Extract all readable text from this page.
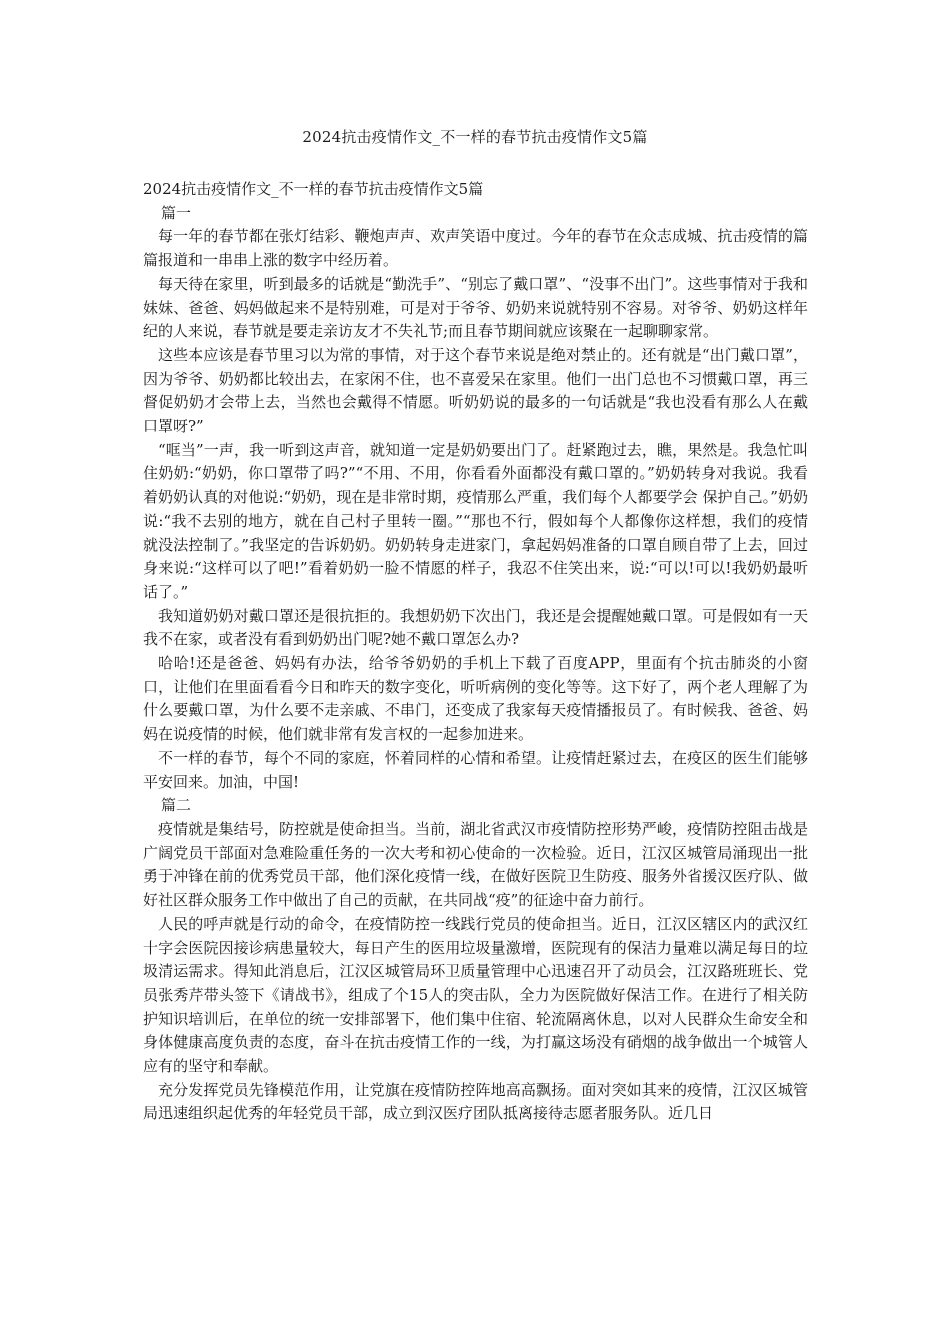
2024抗击疫情作文_不一样的春节抗击疫情作文5篇

2024抗击疫情作文_不一样的春节抗击疫情作文5篇

篇一

每一年的春节都在张灯结彩、鞭炮声声、欢声笑语中度过。今年的春节在众志成城、抗击疫情的篇篇报道和一串串上涨的数字中经历着。

每天待在家里，听到最多的话就是“勤洗手”、“别忘了戴口罩”、“没事不出门”。这些事情对于我和妹妹、爸爸、妈妈做起来不是特别难，可是对于爷爷、奶奶来说就特别不容易。对爷爷、奶奶这样年纪的人来说，春节就是要走亲访友才不失礼节;而且春节期间就应该聚在一起聊聊家常。

这些本应该是春节里习以为常的事情，对于这个春节来说是绝对禁止的。还有就是“出门戴口罩”，因为爷爷、奶奶都比较出去，在家闲不住，也不喜爱呆在家里。他们一出门总也不习惯戴口罩，再三督促奶奶才会带上去，当然也会戴得不情愿。听奶奶说的最多的一句话就是“我也没看有那么人在戴口罩呀?”

“哐当”一声，我一听到这声音，就知道一定是奶奶要出门了。赶紧跑过去，瞧，果然是。我急忙叫住奶奶:“奶奶，你口罩带了吗?”“不用、不用，你看看外面都没有戴口罩的。”奶奶转身对我说。我看着奶奶认真的对他说:“奶奶，现在是非常时期，疫情那么严重，我们每个人都要学会 保护自己。”奶奶说:“我不去别的地方，就在自己村子里转一圈。”“那也不行，假如每个人都像你这样想，我们的疫情就没法控制了。”我坚定的告诉奶奶。奶奶转身走进家门，拿起妈妈准备的口罩自顾自带了上去，回过身来说:“这样可以了吧!”看着奶奶一脸不情愿的样子，我忍不住笑出来，说:“可以!可以!我奶奶最听话了。”

我知道奶奶对戴口罩还是很抗拒的。我想奶奶下次出门，我还是会提醒她戴口罩。可是假如有一天我不在家，或者没有看到奶奶出门呢?她不戴口罩怎么办?

哈哈!还是爸爸、妈妈有办法，给爷爷奶奶的手机上下载了百度APP，里面有个抗击肺炎的小窗口，让他们在里面看看今日和昨天的数字变化，听听病例的变化等等。这下好了，两个老人理解了为什么要戴口罩，为什么要不走亲戚、不串门，还变成了我家每天疫情播报员了。有时候我、爸爸、妈妈在说疫情的时候，他们就非常有发言权的一起参加进来。

不一样的春节，每个不同的家庭，怀着同样的心情和希望。让疫情赶紧过去，在疫区的医生们能够平安回来。加油，中国!

篇二

疫情就是集结号，防控就是使命担当。当前，湖北省武汉市疫情防控形势严峻，疫情防控阻击战是广阔党员干部面对急难险重任务的一次大考和初心使命的一次检验。近日，江汉区城管局涌现出一批勇于冲锋在前的优秀党员干部，他们深化疫情一线，在做好医院卫生防疫、服务外省援汉医疗队、做好社区群众服务工作中做出了自己的贡献，在共同战“疫”的征途中奋力前行。

人民的呼声就是行动的命令，在疫情防控一线践行党员的使命担当。近日，江汉区辖区内的武汉红十字会医院因接诊病患量较大，每日产生的医用垃圾量激增，医院现有的保洁力量难以满足每日的垃圾清运需求。得知此消息后，江汉区城管局环卫质量管理中心迅速召开了动员会，江汉路班班长、党员张秀芹带头签下《请战书》，组成了个15人的突击队，全力为医院做好保洁工作。在进行了相关防护知识培训后，在单位的统一安排部署下，他们集中住宿、轮流隔离休息，以对人民群众生命安全和身体健康高度负责的态度，奋斗在抗击疫情工作的一线，为打赢这场没有硝烟的战争做出一个城管人应有的坚守和奉献。

充分发挥党员先锋模范作用，让党旗在疫情防控阵地高高飘扬。面对突如其来的疫情，江汉区城管局迅速组织起优秀的年轻党员干部，成立到汉医疗团队抵离接待志愿者服务队。近几日
